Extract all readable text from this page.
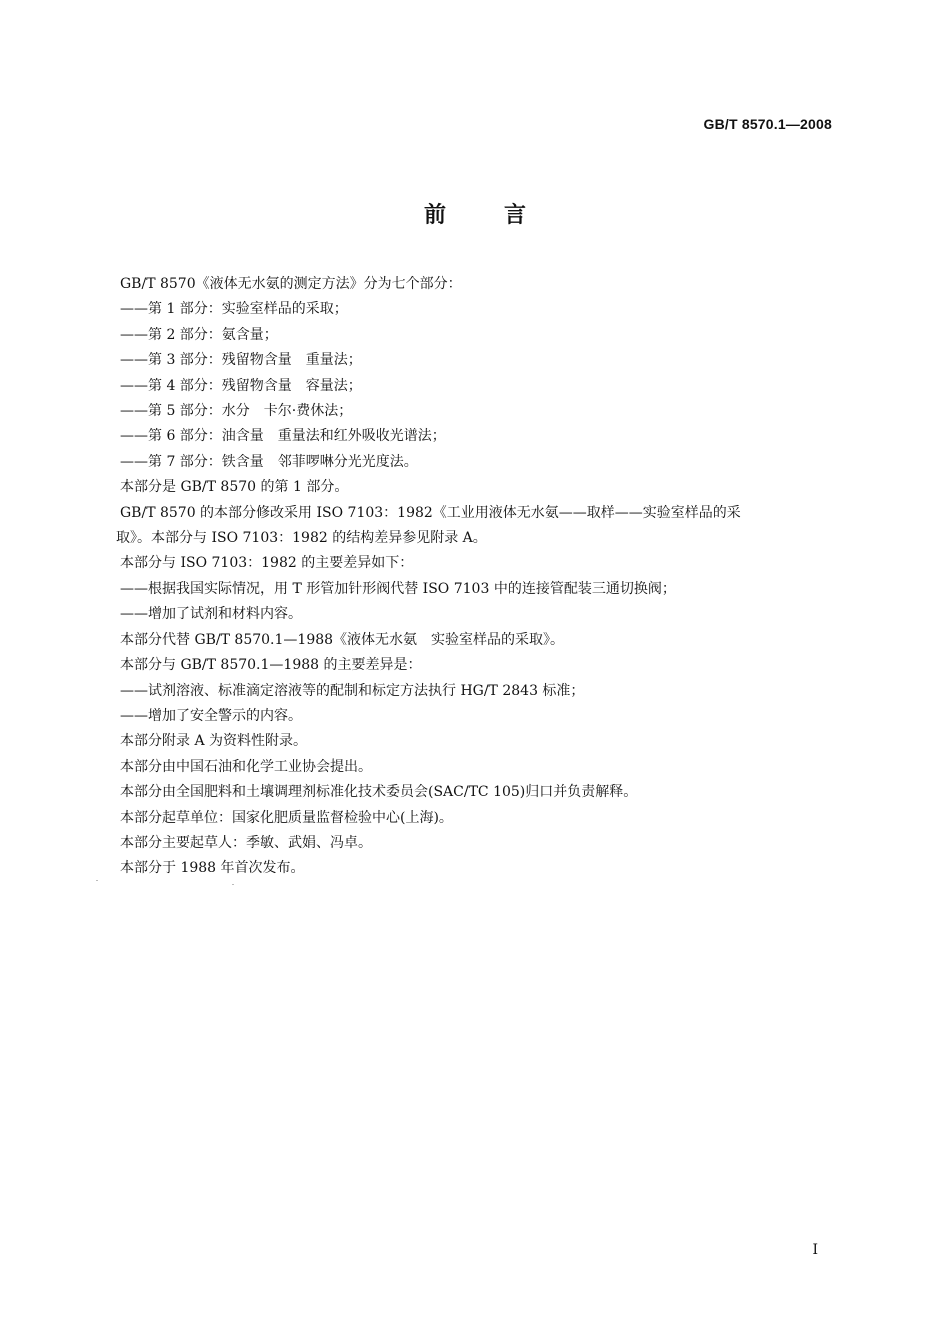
GB/T 8570.1—2008
前	言
GB/T 8570《液体无水氨的测定方法》分为七个部分：
——第 1 部分：实验室样品的采取；
——第 2 部分：氨含量；
——第 3 部分：残留物含量　重量法；
——第 4 部分：残留物含量　容量法；
——第 5 部分：水分　卡尔·费休法；
——第 6 部分：油含量　重量法和红外吸收光谱法；
——第 7 部分：铁含量　邻菲啰啉分光光度法。
本部分是 GB/T 8570 的第 1 部分。
GB/T 8570 的本部分修改采用 ISO 7103：1982《工业用液体无水氨——取样——实验室样品的采
取》。本部分与 ISO 7103：1982 的结构差异参见附录 A。
本部分与 ISO 7103：1982 的主要差异如下：
——根据我国实际情况，用 T 形管加针形阀代替 ISO 7103 中的连接管配装三通切换阀；
——增加了试剂和材料内容。
本部分代替 GB/T 8570.1—1988《液体无水氨　实验室样品的采取》。
本部分与 GB/T 8570.1—1988 的主要差异是：
——试剂溶液、标准滴定溶液等的配制和标定方法执行 HG/T 2843 标准；
——增加了安全警示的内容。
本部分附录 A 为资料性附录。
本部分由中国石油和化学工业协会提出。
本部分由全国肥料和土壤调理剂标准化技术委员会(SAC/TC 105)归口并负责解释。
本部分起草单位：国家化肥质量监督检验中心(上海)。
本部分主要起草人：季敏、武娟、冯卓。
本部分于 1988 年首次发布。
I
